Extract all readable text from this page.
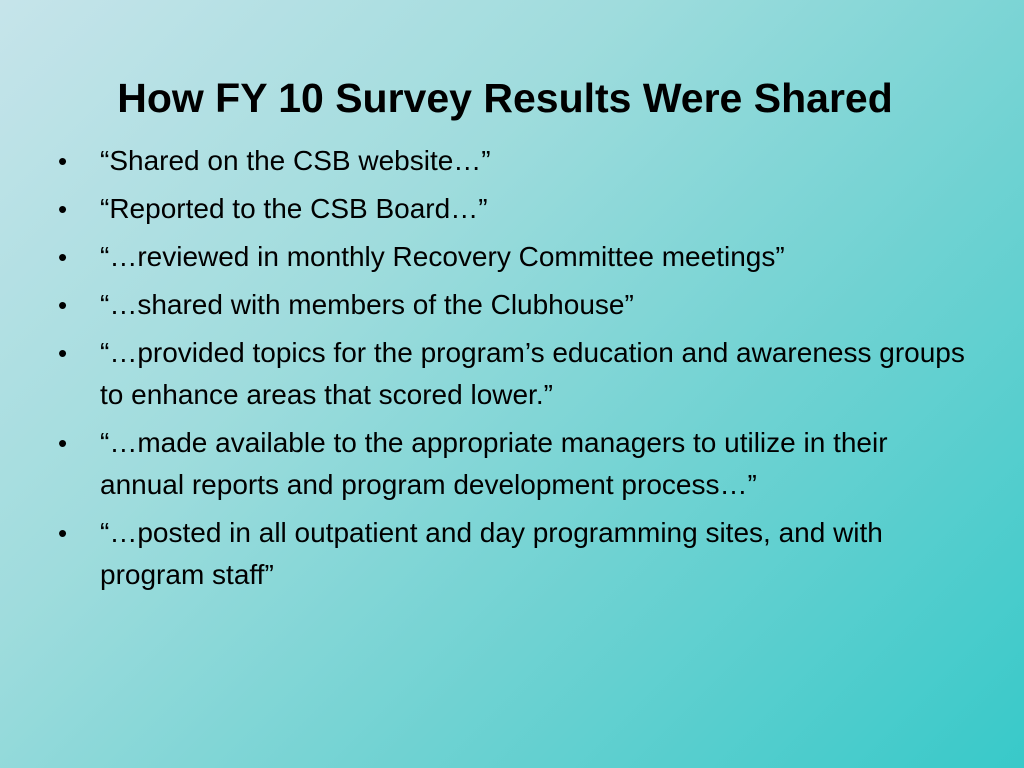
How FY 10 Survey Results Were Shared
• “Shared on the CSB website…”
• “Reported to the CSB Board…”
• “…reviewed in monthly Recovery Committee meetings”
• “…shared with members of the Clubhouse”
• “…provided topics for the program’s education and awareness groups to enhance areas that scored lower.”
• “…made available to the appropriate managers to utilize in their annual reports and program development process…”
• “…posted in all outpatient and day programming sites, and with program staff”
